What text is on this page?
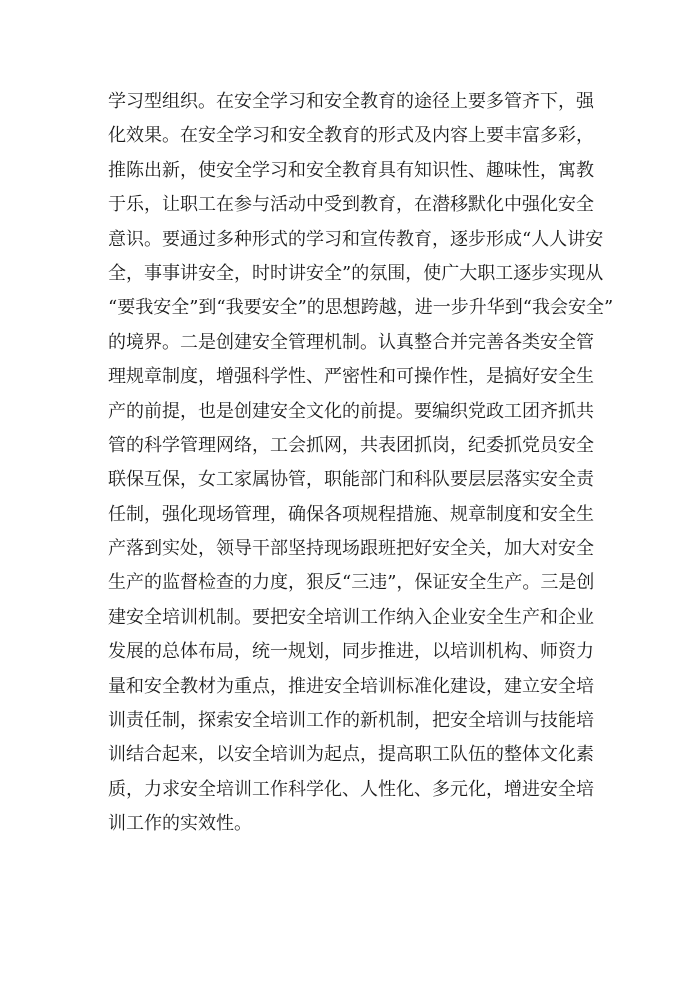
学习型组织。在安全学习和安全教育的途径上要多管齐下，强
化效果。在安全学习和安全教育的形式及内容上要丰富多彩，
推陈出新，使安全学习和安全教育具有知识性、趣味性，寓教
于乐，让职工在参与活动中受到教育，在潜移默化中强化安全
意识。要通过多种形式的学习和宣传教育，逐步形成“人人讲安
全，事事讲安全，时时讲安全”的氛围，使广大职工逐步实现从
“要我安全”到“我要安全”的思想跨越，进一步升华到“我会安全”
的境界。二是创建安全管理机制。认真整合并完善各类安全管
理规章制度，增强科学性、严密性和可操作性，是搞好安全生
产的前提，也是创建安全文化的前提。要编织党政工团齐抓共
管的科学管理网络，工会抓网，共表团抓岗，纪委抓党员安全
联保互保，女工家属协管，职能部门和科队要层层落实安全责
任制，强化现场管理，确保各项规程措施、规章制度和安全生
产落到实处，领导干部坚持现场跟班把好安全关，加大对安全
生产的监督检查的力度，狠反“三违”，保证安全生产。三是创
建安全培训机制。要把安全培训工作纳入企业安全生产和企业
发展的总体布局，统一规划，同步推进，以培训机构、师资力
量和安全教材为重点，推进安全培训标准化建设，建立安全培
训责任制，探索安全培训工作的新机制，把安全培训与技能培
训结合起来，以安全培训为起点，提高职工队伍的整体文化素
质，力求安全培训工作科学化、人性化、多元化，增进安全培
训工作的实效性。
